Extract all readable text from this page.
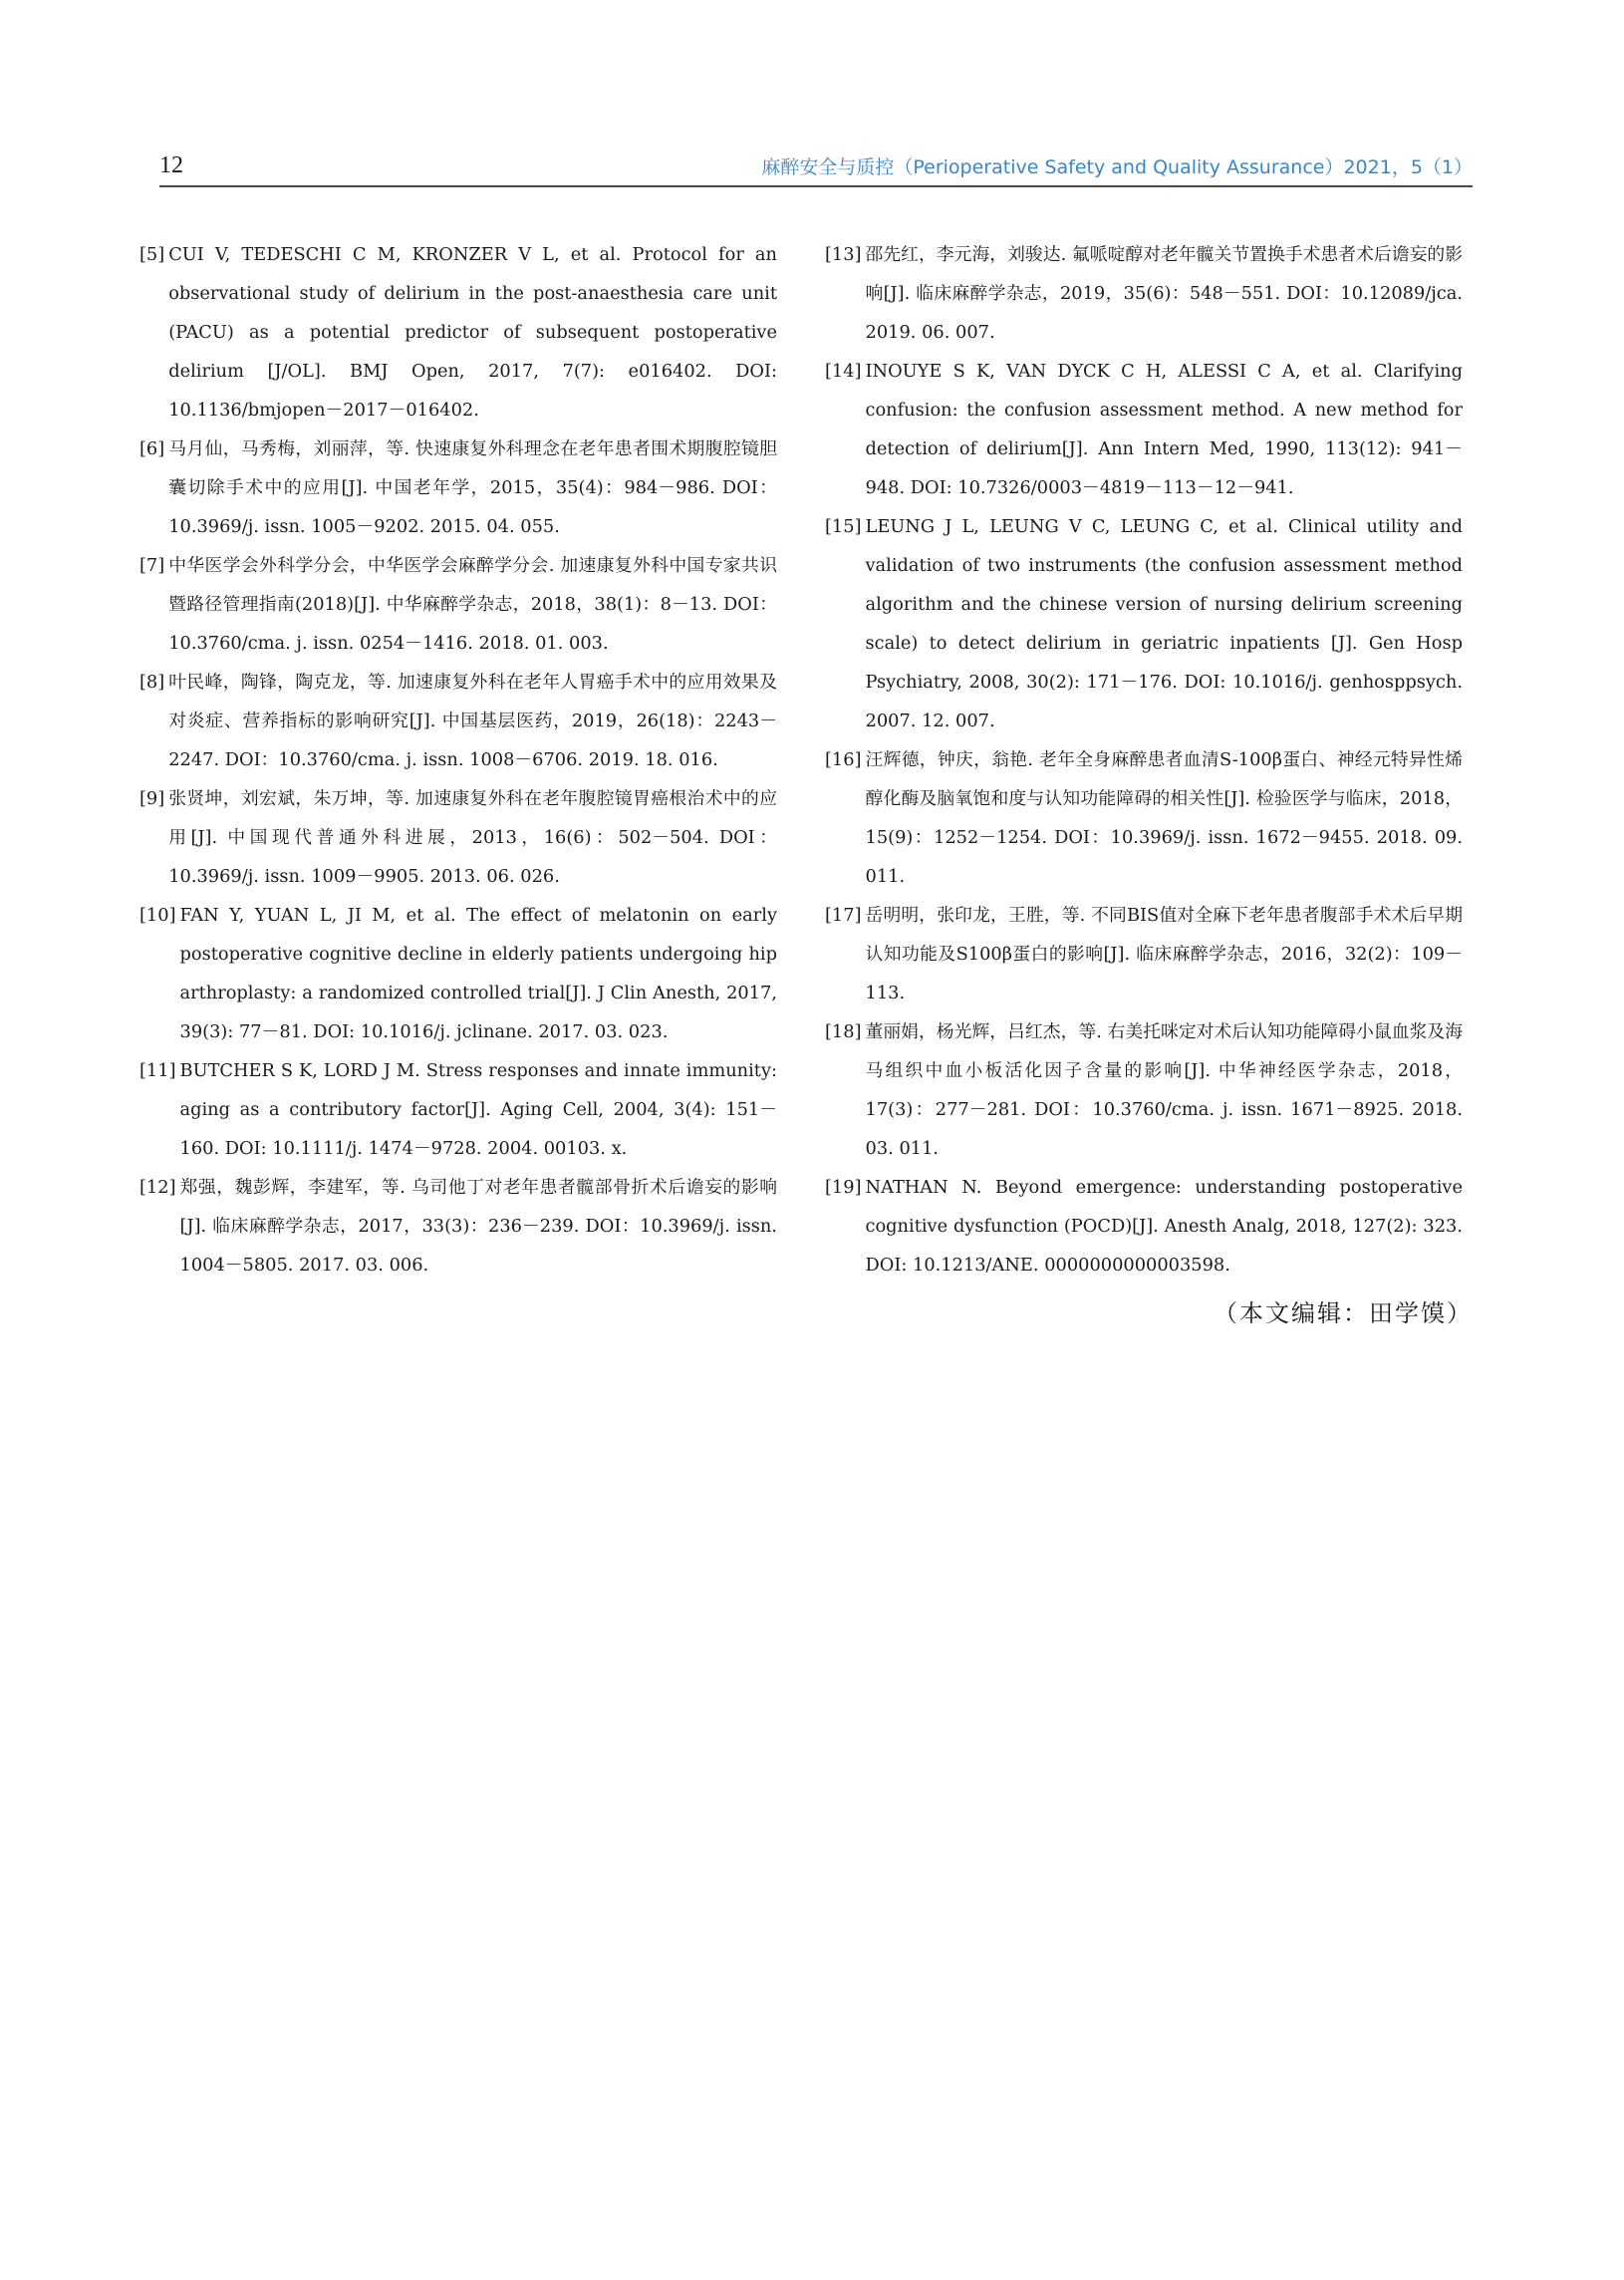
12	麻醉安全与质控（Perioperative Safety and Quality Assurance）2021，5（1）

[5] CUI V, TEDESCHI C M, KRONZER V L, et al. Protocol for an observational study of delirium in the post-anaesthesia care unit (PACU) as a potential predictor of subsequent postoperative delirium [J/OL]. BMJ Open, 2017, 7(7): e016402. DOI: 10.1136/bmjopen－2017－016402.

[6] 马月仙，马秀梅，刘丽萍，等. 快速康复外科理念在老年患者围术期腹腔镜胆囊切除手术中的应用[J]. 中国老年学，2015，35(4)：984－986. DOI：10.3969/j. issn. 1005－9202. 2015. 04. 055.

[7] 中华医学会外科学分会，中华医学会麻醉学分会. 加速康复外科中国专家共识暨路径管理指南(2018)[J]. 中华麻醉学杂志，2018，38(1)：8－13. DOI：10.3760/cma. j. issn. 0254－1416. 2018. 01. 003.

[8] 叶民峰，陶锋，陶克龙，等. 加速康复外科在老年人胃癌手术中的应用效果及对炎症、营养指标的影响研究[J]. 中国基层医药，2019，26(18)：2243－2247. DOI：10.3760/cma. j. issn. 1008－6706. 2019. 18. 016.

[9] 张贤坤，刘宏斌，朱万坤，等. 加速康复外科在老年腹腔镜胃癌根治术中的应用[J]. 中国现代普通外科进展，2013，16(6)：502－504. DOI：10.3969/j. issn. 1009－9905. 2013. 06. 026.

[10] FAN Y, YUAN L, JI M, et al. The effect of melatonin on early postoperative cognitive decline in elderly patients undergoing hip arthroplasty: a randomized controlled trial[J]. J Clin Anesth, 2017, 39(3): 77－81. DOI: 10.1016/j. jclinane. 2017. 03. 023.

[11] BUTCHER S K, LORD J M. Stress responses and innate immunity: aging as a contributory factor[J]. Aging Cell, 2004, 3(4): 151－160. DOI: 10.1111/j. 1474－9728. 2004. 00103. x.

[12] 郑强，魏彭辉，李建军，等. 乌司他丁对老年患者髋部骨折术后谵妄的影响[J]. 临床麻醉学杂志，2017，33(3)：236－239. DOI：10.3969/j. issn. 1004－5805. 2017. 03. 006.

[13] 邵先红，李元海，刘骏达. 氟哌啶醇对老年髋关节置换手术患者术后谵妄的影响[J]. 临床麻醉学杂志，2019，35(6)：548－551. DOI：10.12089/jca. 2019. 06. 007.

[14] INOUYE S K, VAN DYCK C H, ALESSI C A, et al. Clarifying confusion: the confusion assessment method. A new method for detection of delirium[J]. Ann Intern Med, 1990, 113(12): 941－948. DOI: 10.7326/0003－4819－113－12－941.

[15] LEUNG J L, LEUNG V C, LEUNG C, et al. Clinical utility and validation of two instruments (the confusion assessment method algorithm and the chinese version of nursing delirium screening scale) to detect delirium in geriatric inpatients [J]. Gen Hosp Psychiatry, 2008, 30(2): 171－176. DOI: 10.1016/j. genhosppsych. 2007. 12. 007.

[16] 汪辉德，钟庆，翁艳. 老年全身麻醉患者血清S-100β蛋白、神经元特异性烯醇化酶及脑氧饱和度与认知功能障碍的相关性[J]. 检验医学与临床，2018，15(9)：1252－1254. DOI：10.3969/j. issn. 1672－9455. 2018. 09. 011.

[17] 岳明明，张印龙，王胜，等. 不同BIS值对全麻下老年患者腹部手术术后早期认知功能及S100β蛋白的影响[J]. 临床麻醉学杂志，2016，32(2)：109－113.

[18] 董丽娟，杨光辉，吕红杰，等. 右美托咪定对术后认知功能障碍小鼠血浆及海马组织中血小板活化因子含量的影响[J]. 中华神经医学杂志，2018，17(3)：277－281. DOI：10.3760/cma. j. issn. 1671－8925. 2018. 03. 011.

[19] NATHAN N. Beyond emergence: understanding postoperative cognitive dysfunction (POCD)[J]. Anesth Analg, 2018, 127(2): 323. DOI: 10.1213/ANE. 0000000000003598.

（本文编辑：田学馍）
